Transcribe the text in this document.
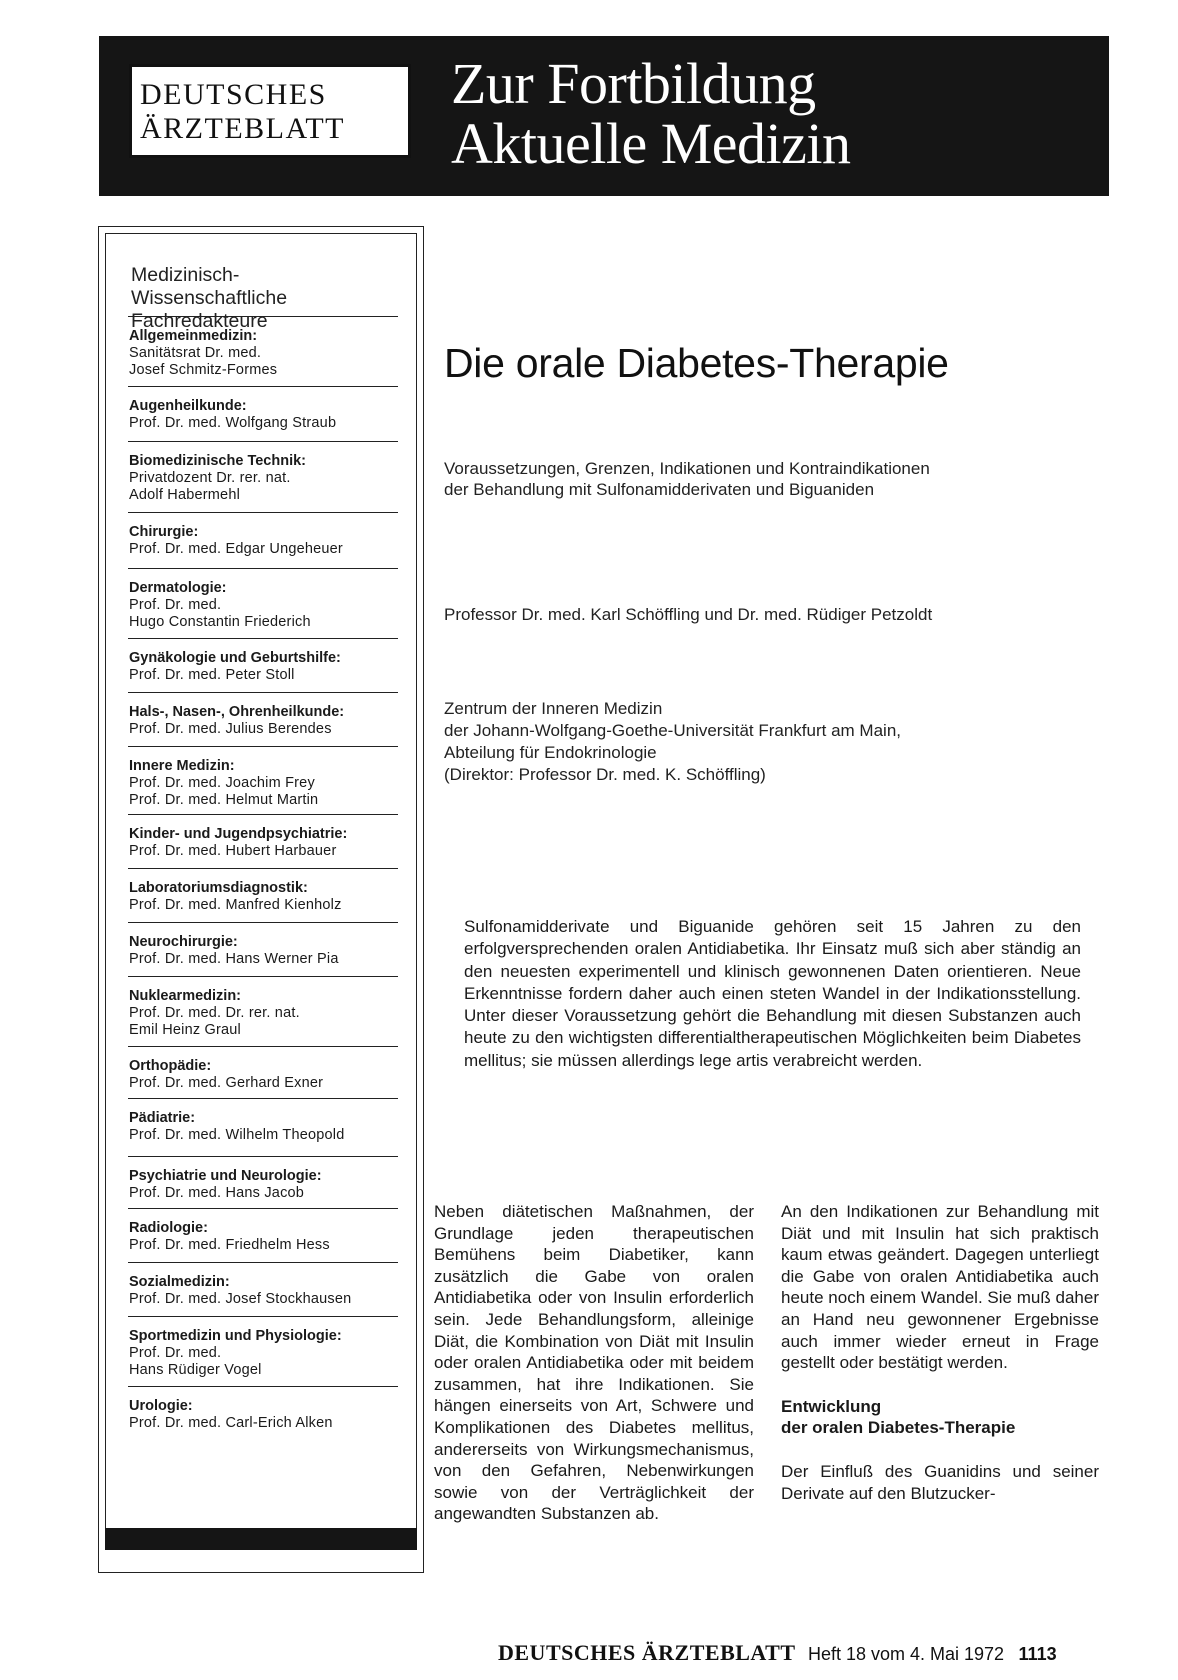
DEUTSCHES
ÄRZTEBLATT
Zur Fortbildung
Aktuelle Medizin
Medizinisch-
Wissenschaftliche
Fachredakteure
Allgemeinmedizin:
Sanitätsrat Dr. med.
Josef Schmitz-Formes
Augenheilkunde:
Prof. Dr. med. Wolfgang Straub
Biomedizinische Technik:
Privatdozent Dr. rer. nat.
Adolf Habermehl
Chirurgie:
Prof. Dr. med. Edgar Ungeheuer
Dermatologie:
Prof. Dr. med.
Hugo Constantin Friederich
Gynäkologie und Geburtshilfe:
Prof. Dr. med. Peter Stoll
Hals-, Nasen-, Ohrenheilkunde:
Prof. Dr. med. Julius Berendes
Innere Medizin:
Prof. Dr. med. Joachim Frey
Prof. Dr. med. Helmut Martin
Kinder- und Jugendpsychiatrie:
Prof. Dr. med. Hubert Harbauer
Laboratoriumsdiagnostik:
Prof. Dr. med. Manfred Kienholz
Neurochirurgie:
Prof. Dr. med. Hans Werner Pia
Nuklearmedizin:
Prof. Dr. med. Dr. rer. nat.
Emil Heinz Graul
Orthopädie:
Prof. Dr. med. Gerhard Exner
Pädiatrie:
Prof. Dr. med. Wilhelm Theopold
Psychiatrie und Neurologie:
Prof. Dr. med. Hans Jacob
Radiologie:
Prof. Dr. med. Friedhelm Hess
Sozialmedizin:
Prof. Dr. med. Josef Stockhausen
Sportmedizin und Physiologie:
Prof. Dr. med.
Hans Rüdiger Vogel
Urologie:
Prof. Dr. med. Carl-Erich Alken
Die orale Diabetes-Therapie
Voraussetzungen, Grenzen, Indikationen und Kontraindikationen
der Behandlung mit Sulfonamidderivaten und Biguaniden
Professor Dr. med. Karl Schöffling und Dr. med. Rüdiger Petzoldt
Zentrum der Inneren Medizin
der Johann-Wolfgang-Goethe-Universität Frankfurt am Main,
Abteilung für Endokrinologie
(Direktor: Professor Dr. med. K. Schöffling)
Sulfonamidderivate und Biguanide gehören seit 15 Jahren zu den erfolgversprechenden oralen Antidiabetika. Ihr Einsatz muß sich aber ständig an den neuesten experimentell und klinisch gewonnenen Daten orientieren. Neue Erkenntnisse fordern daher auch einen steten Wandel in der Indikationsstellung. Unter dieser Voraussetzung gehört die Behandlung mit diesen Substanzen auch heute zu den wichtigsten differentialtherapeutischen Möglichkeiten beim Diabetes mellitus; sie müssen allerdings lege artis verabreicht werden.
Neben diätetischen Maßnahmen, der Grundlage jeden therapeutischen Bemühens beim Diabetiker, kann zusätzlich die Gabe von oralen Antidiabetika oder von Insulin erforderlich sein. Jede Behandlungsform, alleinige Diät, die Kombination von Diät mit Insulin oder oralen Antidiabetika oder mit beidem zusammen, hat ihre Indikationen. Sie hängen einerseits von Art, Schwere und Komplikationen des Diabetes mellitus, andererseits von Wirkungsmechanismus, von den Gefahren, Nebenwirkungen sowie von der Verträglichkeit der angewandten Substanzen ab.
An den Indikationen zur Behandlung mit Diät und mit Insulin hat sich praktisch kaum etwas geändert. Dagegen unterliegt die Gabe von oralen Antidiabetika auch heute noch einem Wandel. Sie muß daher an Hand neu gewonnener Ergebnisse auch immer wieder erneut in Frage gestellt oder bestätigt werden.
Entwicklung
der oralen Diabetes-Therapie
Der Einfluß des Guanidins und seiner Derivate auf den Blutzucker-
DEUTSCHES ÄRZTEBLATT Heft 18 vom 4. Mai 1972 1113
